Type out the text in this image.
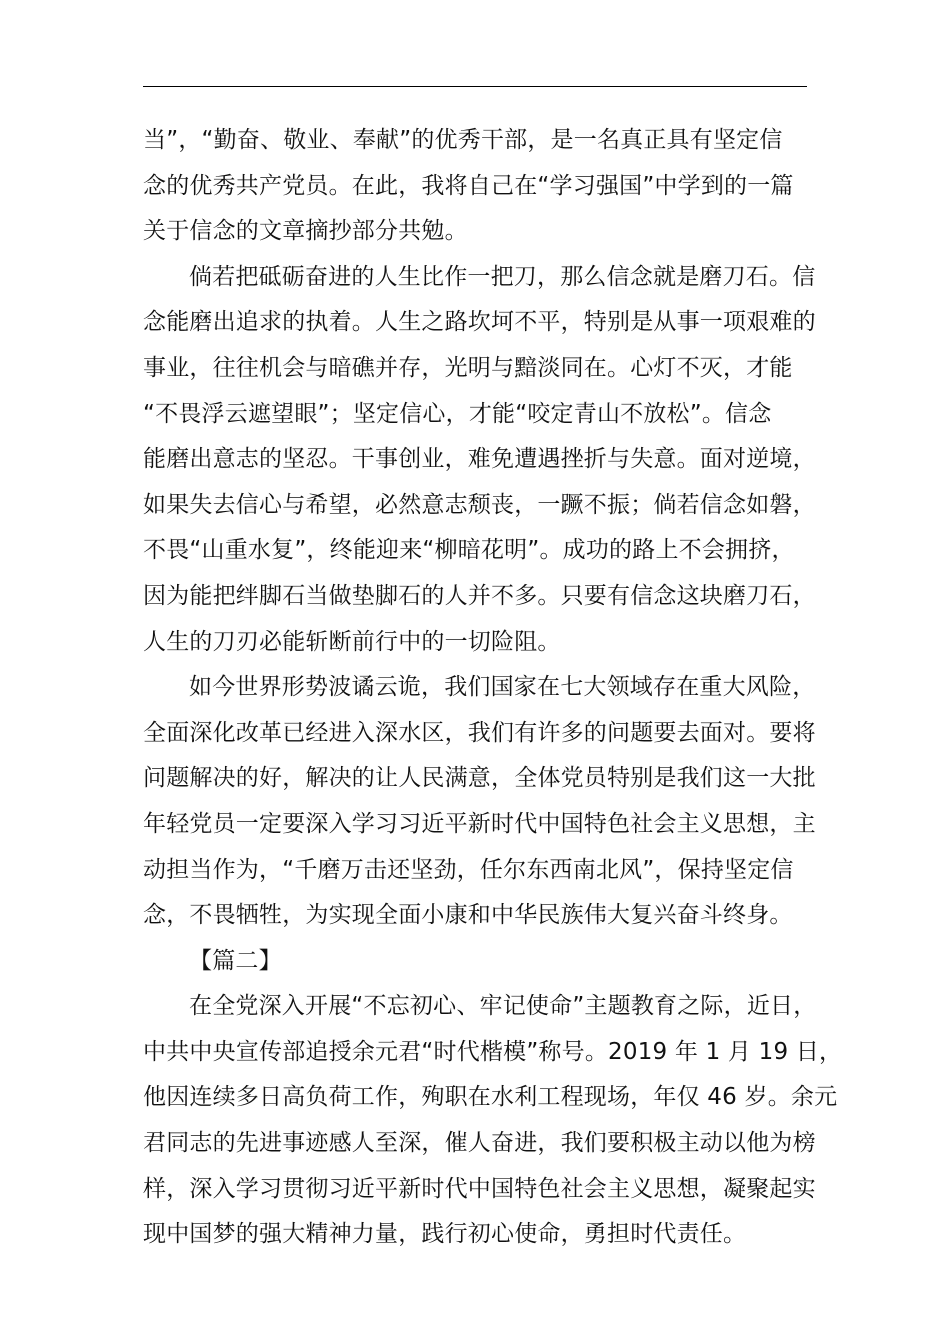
当”，“勤奋、敬业、奉献”的优秀干部，是一名真正具有坚定信
念的优秀共产党员。在此，我将自己在“学习强国”中学到的一篇
关于信念的文章摘抄部分共勉。
倘若把砥砺奋进的人生比作一把刀，那么信念就是磨刀石。信
念能磨出追求的执着。人生之路坎坷不平，特别是从事一项艰难的
事业，往往机会与暗礁并存，光明与黯淡同在。心灯不灭，才能
“不畏浮云遮望眼”；坚定信心，才能“咬定青山不放松”。信念
能磨出意志的坚忍。干事创业，难免遭遇挫折与失意。面对逆境，
如果失去信心与希望，必然意志颓丧，一蹶不振；倘若信念如磐，
不畏“山重水复”，终能迎来“柳暗花明”。成功的路上不会拥挤，
因为能把绊脚石当做垫脚石的人并不多。只要有信念这块磨刀石，
人生的刀刃必能斩断前行中的一切险阻。
如今世界形势波谲云诡，我们国家在七大领域存在重大风险，
全面深化改革已经进入深水区，我们有许多的问题要去面对。要将
问题解决的好，解决的让人民满意，全体党员特别是我们这一大批
年轻党员一定要深入学习习近平新时代中国特色社会主义思想，主
动担当作为，“千磨万击还坚劲，任尔东西南北风”，保持坚定信
念，不畏牺牲，为实现全面小康和中华民族伟大复兴奋斗终身。
【篇二】
在全党深入开展“不忘初心、牢记使命”主题教育之际，近日，
中共中央宣传部追授余元君“时代楷模”称号。2019 年 1 月 19 日，
他因连续多日高负荷工作，殉职在水利工程现场，年仅 46 岁。余元
君同志的先进事迹感人至深，催人奋进，我们要积极主动以他为榜
样，深入学习贯彻习近平新时代中国特色社会主义思想，凝聚起实
现中国梦的强大精神力量，践行初心使命，勇担时代责任。
